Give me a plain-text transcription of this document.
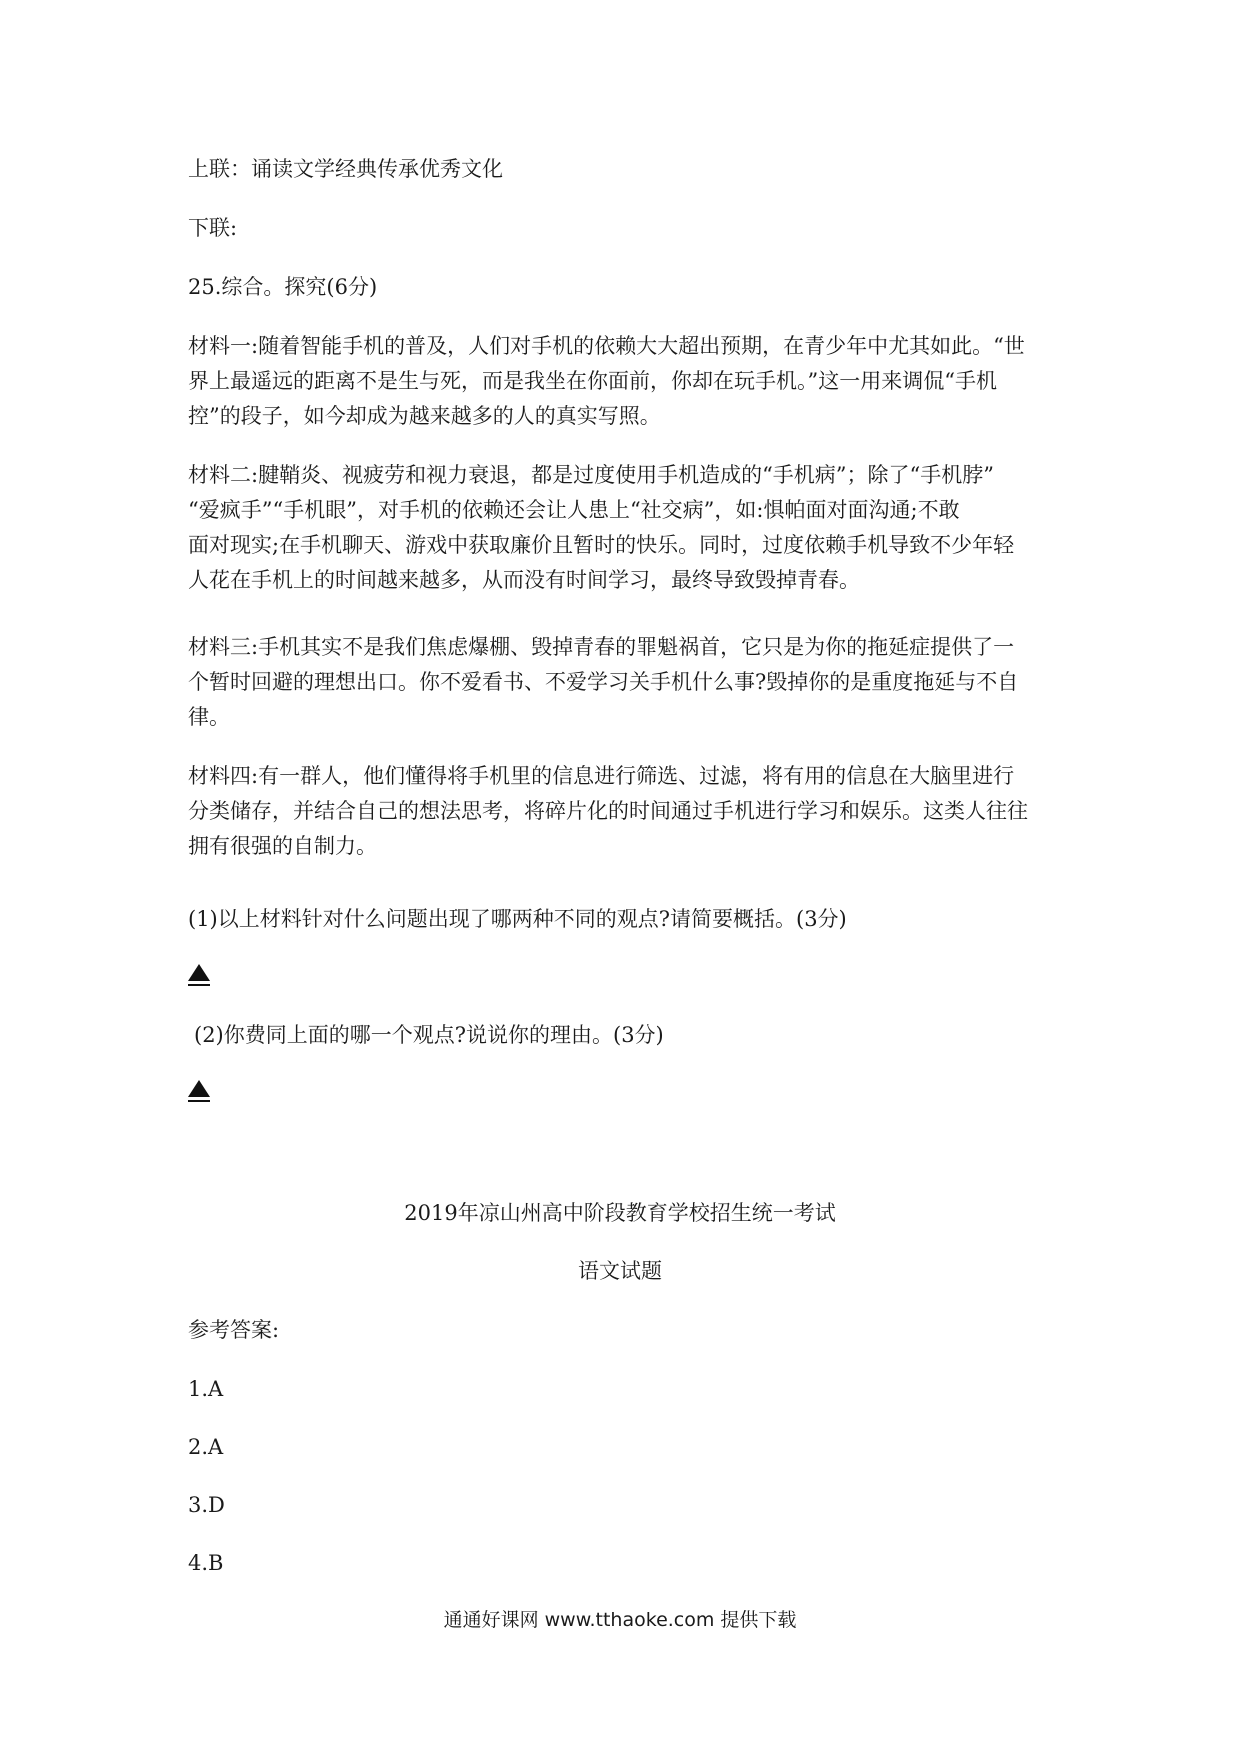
上联：诵读文学经典传承优秀文化
下联:
25.综合。探究(6分)
材料一:随着智能手机的普及，人们对手机的依赖大大超出预期，在青少年中尤其如此。“世
界上最遥远的距离不是生与死，而是我坐在你面前，你却在玩手机。”这一用来调侃“手机
控”的段子，如今却成为越来越多的人的真实写照。
材料二:腱鞘炎、视疲劳和视力衰退，都是过度使用手机造成的“手机病”；除了“手机脖”
“爱疯手”“手机眼”，对手机的依赖还会让人患上“社交病”，如:惧帕面对面沟通;不敢
面对现实;在手机聊天、游戏中获取廉价且暂时的快乐。同时，过度依赖手机导致不少年轻
人花在手机上的时间越来越多，从而没有时间学习，最终导致毁掉青春。
材料三:手机其实不是我们焦虑爆棚、毁掉青春的罪魁祸首，它只是为你的拖延症提供了一
个暂时回避的理想出口。你不爱看书、不爱学习关手机什么事?毁掉你的是重度拖延与不自
律。
材料四:有一群人，他们懂得将手机里的信息进行筛选、过滤，将有用的信息在大脑里进行
分类储存，并结合自己的想法思考，将碎片化的时间通过手机进行学习和娱乐。这类人往往
拥有很强的自制力。
(1)以上材料针对什么问题出现了哪两种不同的观点?请简要概括。(3分)
(2)你费同上面的哪一个观点?说说你的理由。(3分)
2019年凉山州高中阶段教育学校招生统一考试
语文试题
参考答案:
1.A
2.A
3.D
4.B
通通好课网 www.tthaoke.com 提供下载
